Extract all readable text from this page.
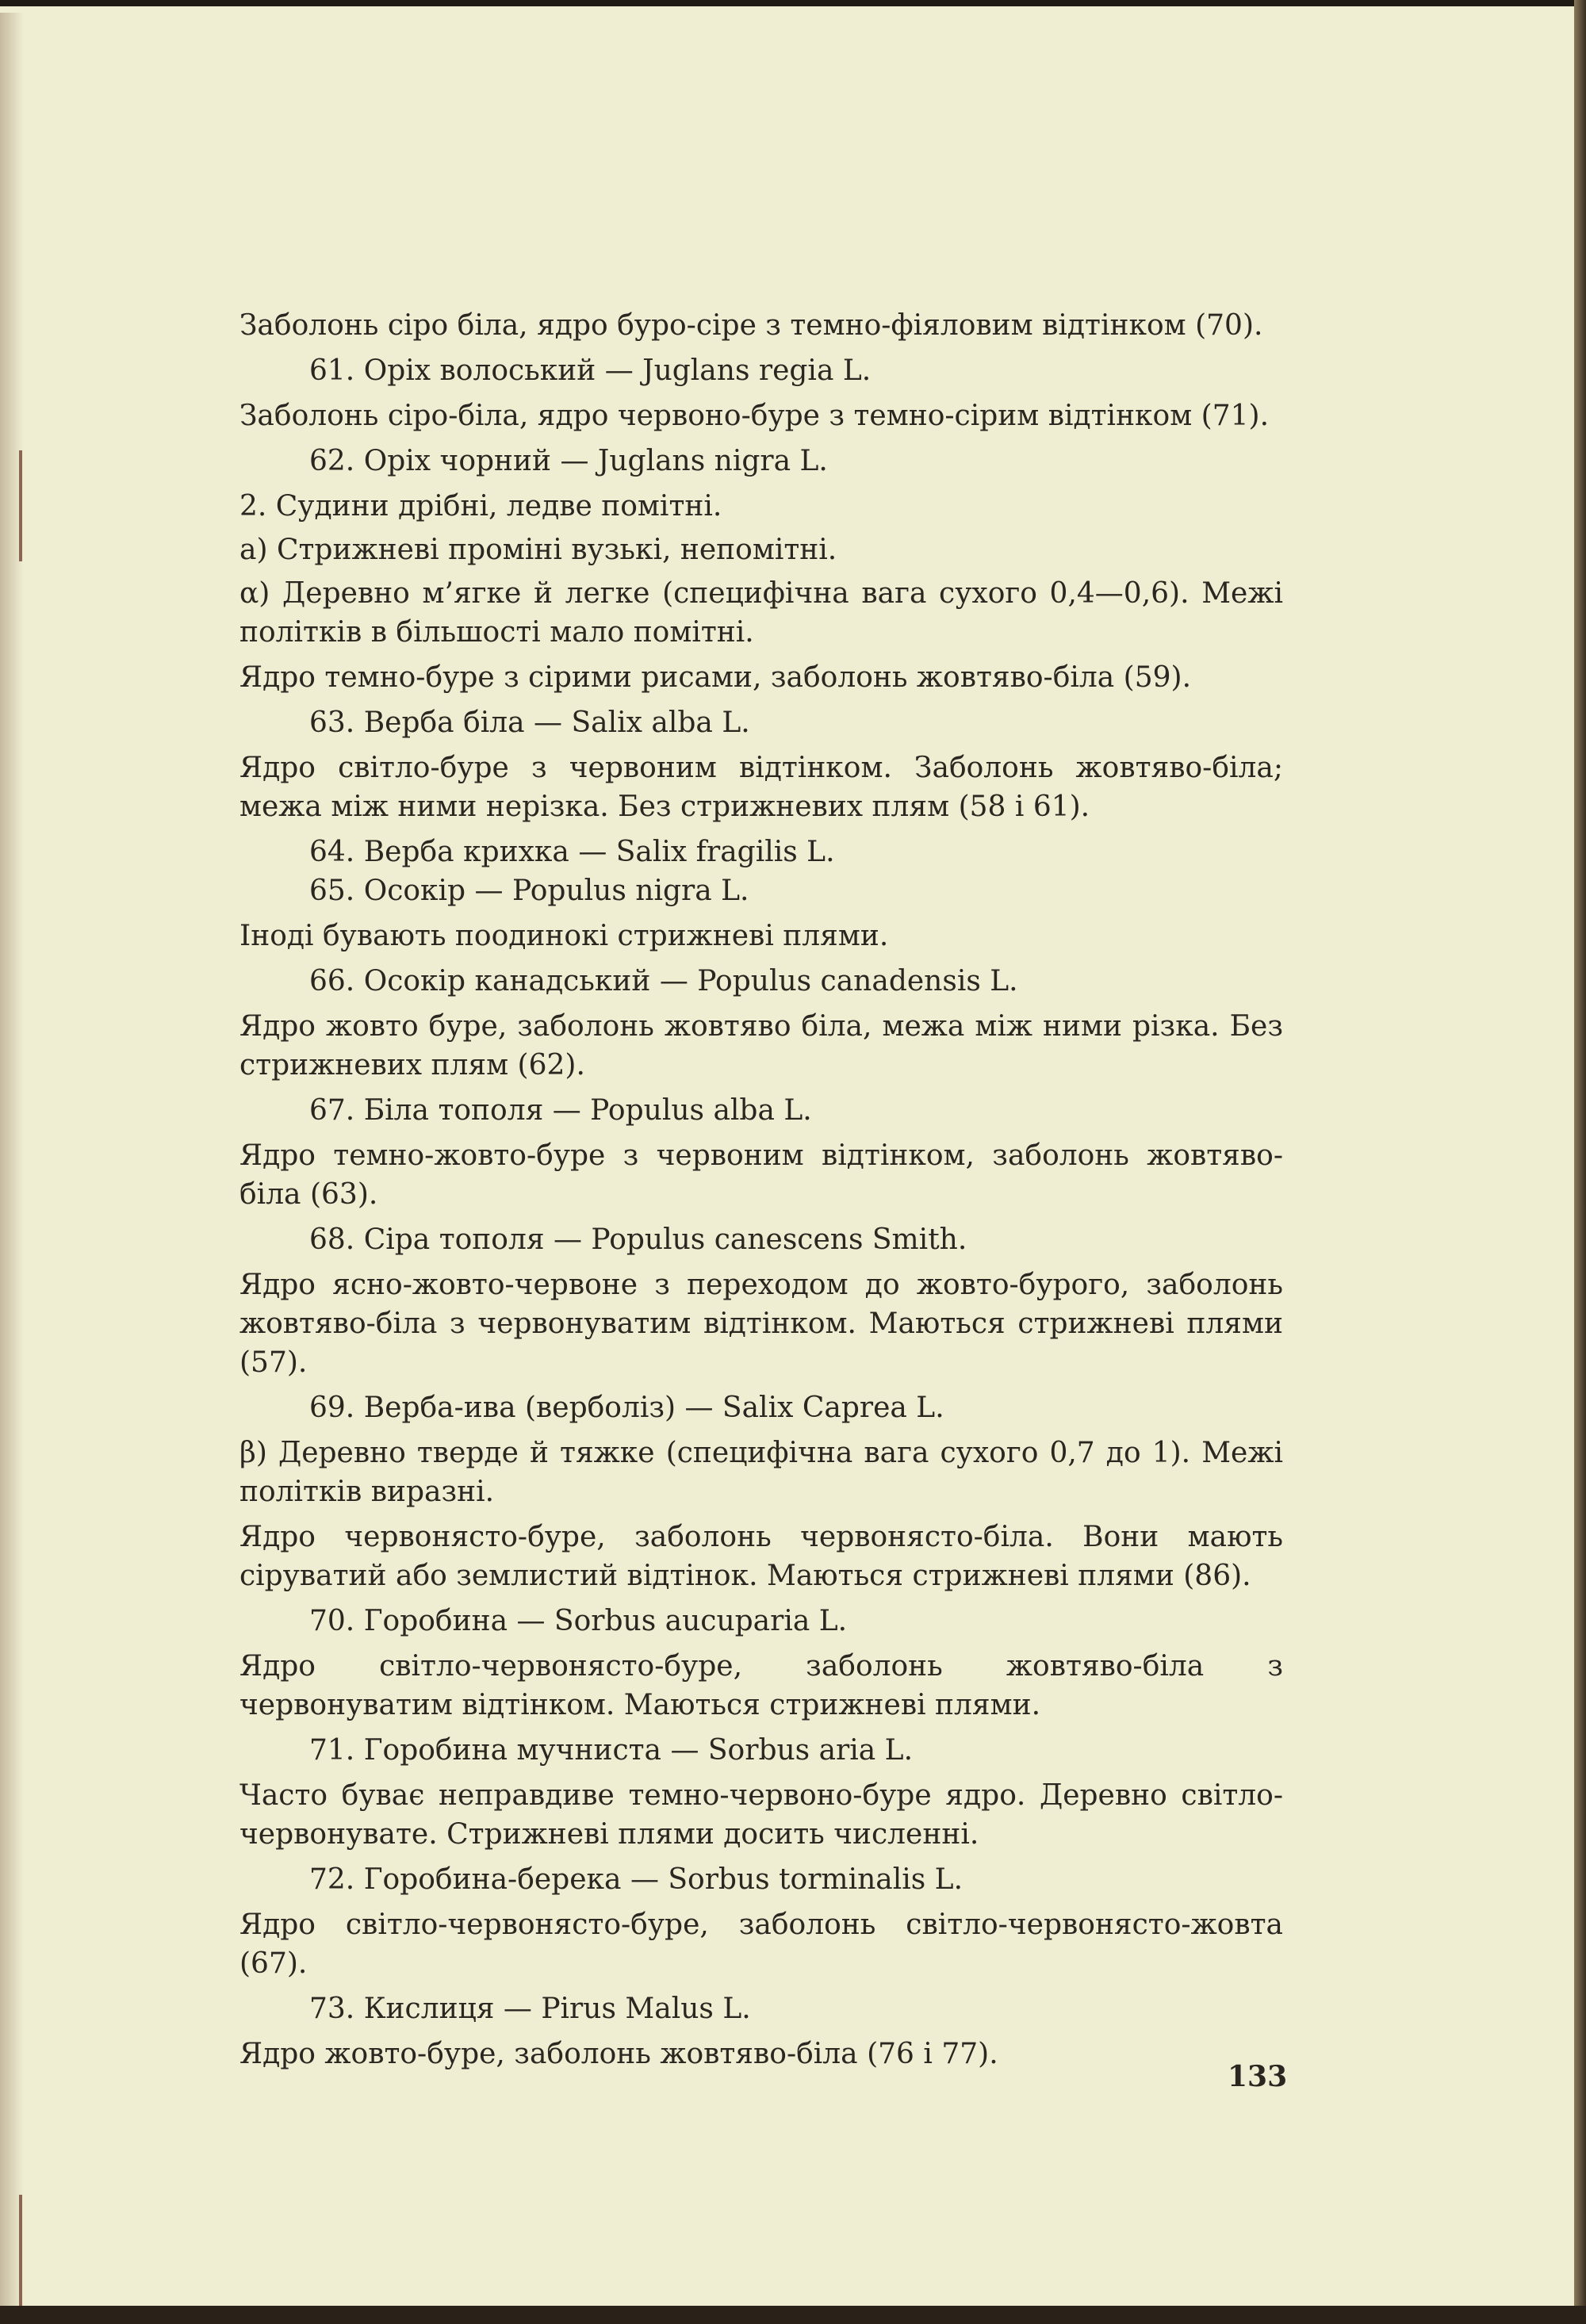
Заболонь сіро біла, ядро буро-сіре з темно-фіяловим відтінком (70).

61. Оріх волоський — Juglans regia L.

Заболонь сіро-біла, ядро червоно-буре з темно-сірим відтінком (71).

62. Оріх чорний — Juglans nigra L.

2. Судини дрібні, ледве помітні.

а) Стрижневі проміні вузькі, непомітні.

α) Деревно м’ягке й легке (специфічна вага сухого 0,4—0,6). Межі політків в більшості мало помітні.

Ядро темно-буре з сірими рисами, заболонь жовтяво-біла (59).

63. Верба біла — Salix alba L.

Ядро світло-буре з червоним відтінком. Заболонь жовтяво-біла; межа між ними нерізка. Без стрижневих плям (58 і 61).

64. Верба крихка — Salix fragilis L.

65. Осокір — Populus nigra L.

Іноді бувають поодинокі стрижневі плями.

66. Осокір канадський — Populus canadensis L.

Ядро жовто буре, заболонь жовтяво біла, межа між ними різка. Без стрижневих плям (62).

67. Біла тополя — Populus alba L.

Ядро темно-жовто-буре з червоним відтінком, заболонь жовтяво-біла (63).

68. Сіра тополя — Populus canescens Smith.

Ядро ясно-жовто-червоне з переходом до жовто-бурого, заболонь жовтяво-біла з червонуватим відтінком. Маються стрижневі плями (57).

69. Верба-ива (верболіз) — Salix Caprea L.

β) Деревно тверде й тяжке (специфічна вага сухого 0,7 до 1). Межі політків виразні.

Ядро червонясто-буре, заболонь червонясто-біла. Вони мають сіруватий або землистий відтінок. Маються стрижневі плями (86).

70. Горобина — Sorbus aucuparia L.

Ядро світло-червонясто-буре, заболонь жовтяво-біла з червонуватим відтінком. Маються стрижневі плями.

71. Горобина мучниста — Sorbus aria L.

Часто буває неправдиве темно-червоно-буре ядро. Деревно світло-червонувате. Стрижневі плями досить численні.

72. Горобина-берека — Sorbus torminalis L.

Ядро світло-червонясто-буре, заболонь світло-червонясто-жовта (67).

73. Кислиця — Pirus Malus L.

Ядро жовто-буре, заболонь жовтяво-біла (76 і 77).

133
